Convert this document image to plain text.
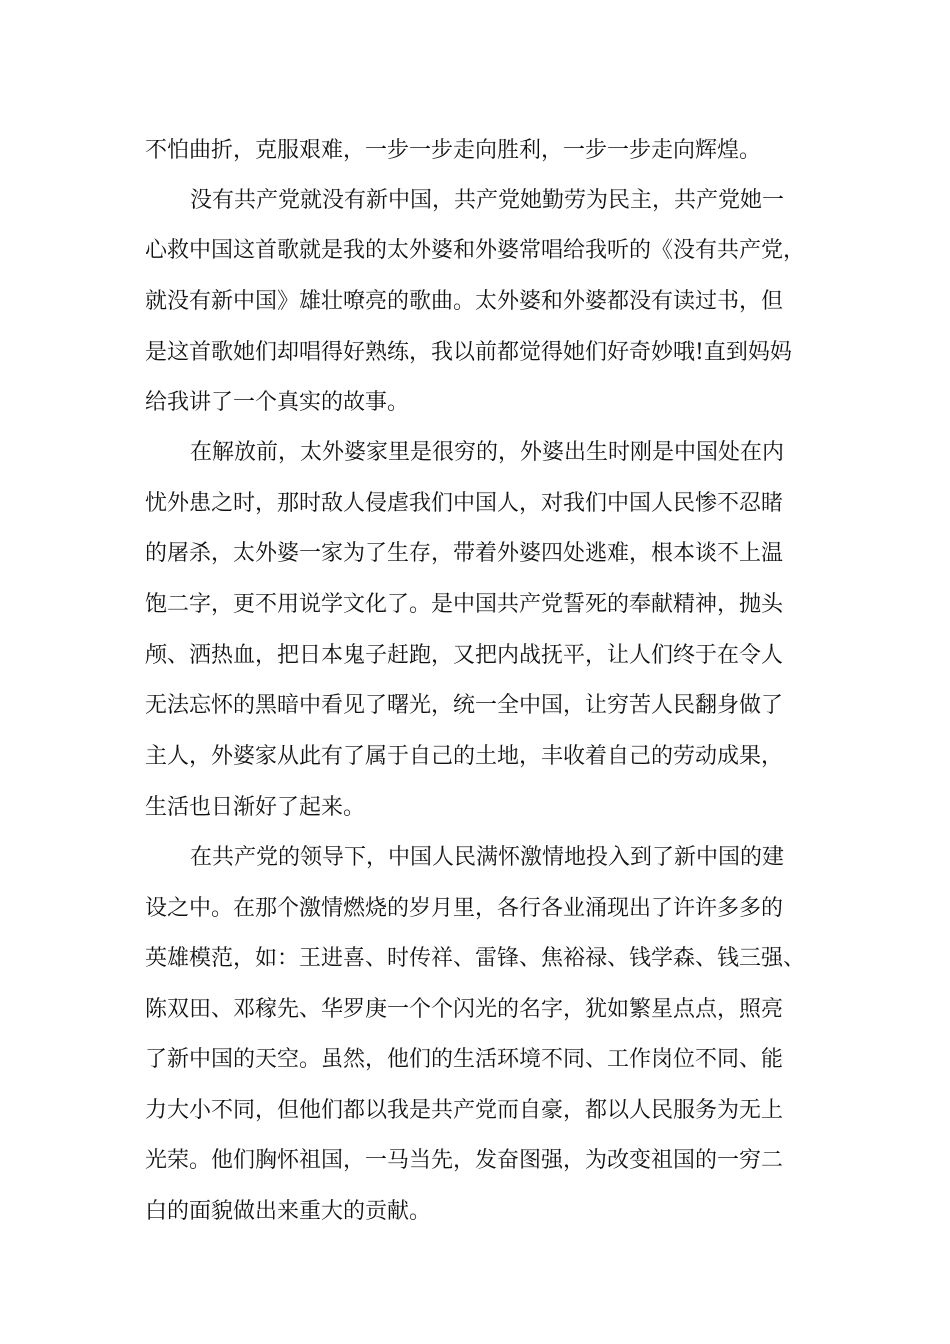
不怕曲折，克服艰难，一步一步走向胜利，一步一步走向辉煌。
没有共产党就没有新中国，共产党她勤劳为民主，共产党她一
心救中国这首歌就是我的太外婆和外婆常唱给我听的《没有共产党，
就没有新中国》雄壮嘹亮的歌曲。太外婆和外婆都没有读过书，但
是这首歌她们却唱得好熟练，我以前都觉得她们好奇妙哦!直到妈妈
给我讲了一个真实的故事。
在解放前，太外婆家里是很穷的，外婆出生时刚是中国处在内
忧外患之时，那时敌人侵虐我们中国人，对我们中国人民惨不忍睹
的屠杀，太外婆一家为了生存，带着外婆四处逃难，根本谈不上温
饱二字，更不用说学文化了。是中国共产党誓死的奉献精神，抛头
颅、洒热血，把日本鬼子赶跑，又把内战抚平，让人们终于在令人
无法忘怀的黑暗中看见了曙光，统一全中国，让穷苦人民翻身做了
主人，外婆家从此有了属于自己的土地，丰收着自己的劳动成果，
生活也日渐好了起来。
在共产党的领导下，中国人民满怀激情地投入到了新中国的建
设之中。在那个激情燃烧的岁月里，各行各业涌现出了许许多多的
英雄模范，如：王进喜、时传祥、雷锋、焦裕禄、钱学森、钱三强、
陈双田、邓稼先、华罗庚一个个闪光的名字，犹如繁星点点，照亮
了新中国的天空。虽然，他们的生活环境不同、工作岗位不同、能
力大小不同，但他们都以我是共产党而自豪，都以人民服务为无上
光荣。他们胸怀祖国，一马当先，发奋图强，为改变祖国的一穷二
白的面貌做出来重大的贡献。
